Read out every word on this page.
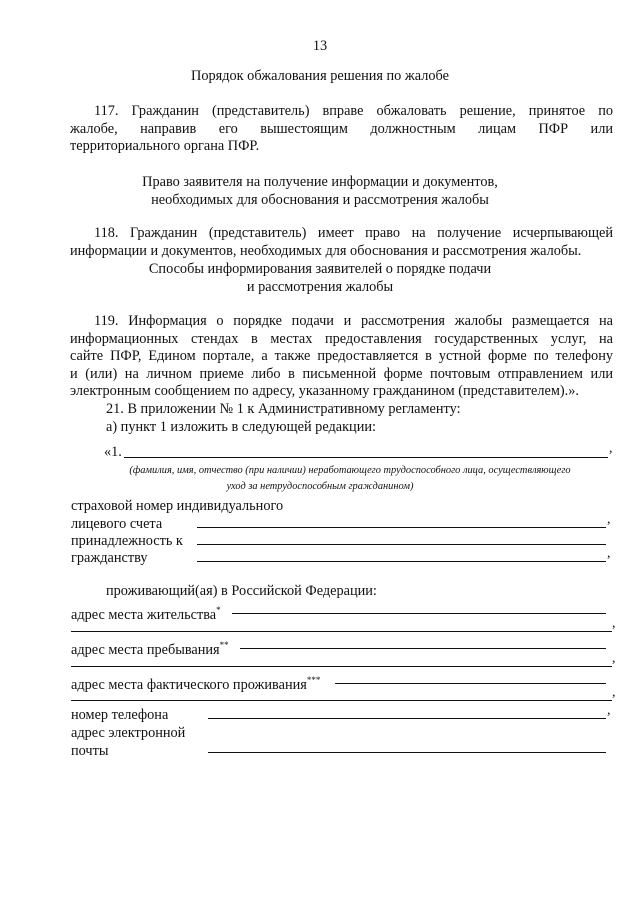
13
Порядок обжалования решения по жалобе
117. Гражданин (представитель) вправе обжаловать решение, принятое по
жалобе, направив его вышестоящим должностным лицам ПФР или
территориального органа ПФР.
Право заявителя на получение информации и документов,
необходимых для обоснования и рассмотрения жалобы
118. Гражданин (представитель) имеет право на получение исчерпывающей
информации и документов, необходимых для обоснования и рассмотрения жалобы.
Способы информирования заявителей о порядке подачи
и рассмотрения жалобы
119. Информация о порядке подачи и рассмотрения жалобы размещается на
информационных стендах в местах предоставления государственных услуг, на
сайте ПФР, Едином портале, а также предоставляется в устной форме по телефону
и (или) на личном приеме либо в письменной форме почтовым отправлением или
электронным сообщением по адресу, указанному гражданином (представителем).».
21. В приложении № 1 к Административному регламенту:
а) пункт 1 изложить в следующей редакции:
«1.	,
(фамилия, имя, отчество (при наличии) неработающего трудоспособного лица, осуществляющего
уход за нетрудоспособным гражданином)
страховой номер индивидуального
лицевого счета	,
принадлежность к
гражданству	,
проживающий(ая) в Российской Федерации:
адрес места жительства*
,
адрес места пребывания**
,
адрес места фактического проживания***
,
номер телефона	,
адрес электронной
почты
